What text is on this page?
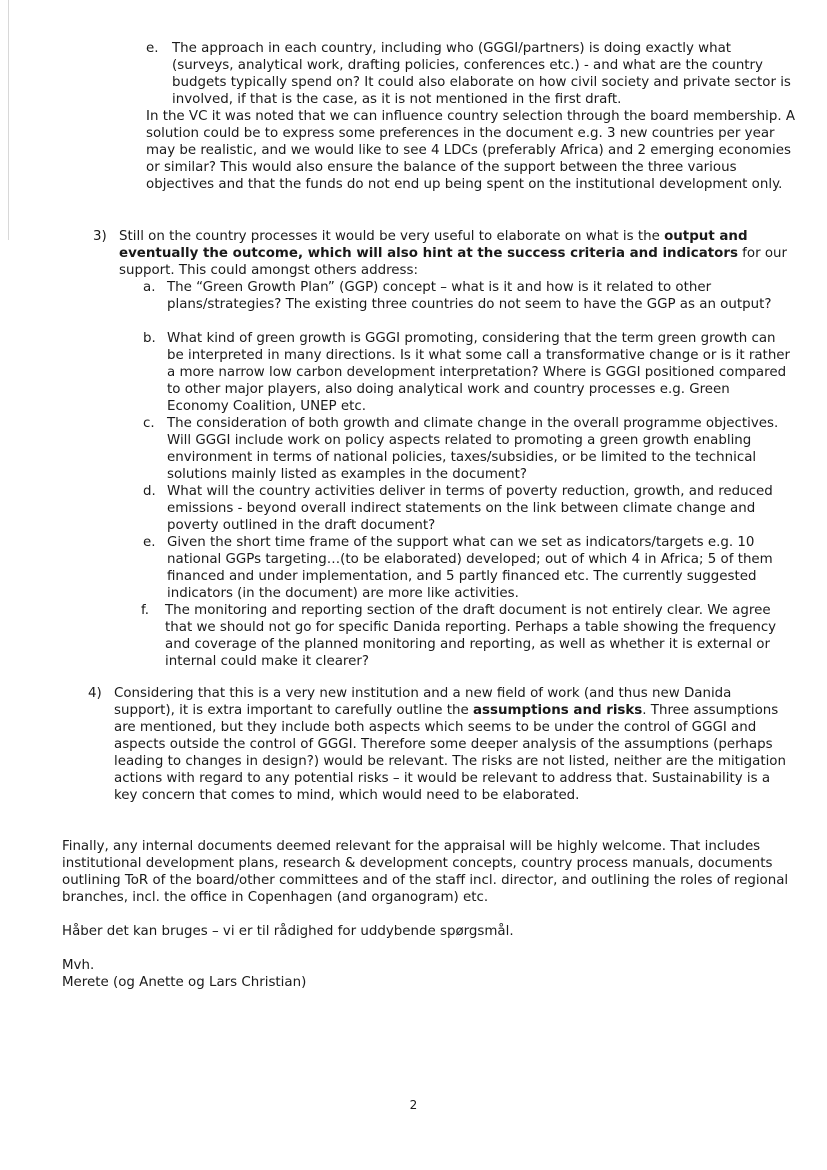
e. The approach in each country, including who (GGGI/partners) is doing exactly what (surveys, analytical work, drafting policies, conferences etc.) - and what are the country budgets typically spend on? It could also elaborate on how civil society and private sector is involved, if that is the case, as it is not mentioned in the first draft.

In the VC it was noted that we can influence country selection through the board membership. A solution could be to express some preferences in the document e.g. 3 new countries per year may be realistic, and we would like to see 4 LDCs (preferably Africa) and 2 emerging economies or similar? This would also ensure the balance of the support between the three various objectives and that the funds do not end up being spent on the institutional development only.

3) Still on the country processes it would be very useful to elaborate on what is the output and eventually the outcome, which will also hint at the success criteria and indicators for our support. This could amongst others address:

a. The “Green Growth Plan” (GGP) concept – what is it and how is it related to other plans/strategies? The existing three countries do not seem to have the GGP as an output?

b. What kind of green growth is GGGI promoting, considering that the term green growth can be interpreted in many directions. Is it what some call a transformative change or is it rather a more narrow low carbon development interpretation? Where is GGGI positioned compared to other major players, also doing analytical work and country processes e.g. Green Economy Coalition, UNEP etc.

c. The consideration of both growth and climate change in the overall programme objectives. Will GGGI include work on policy aspects related to promoting a green growth enabling environment in terms of national policies, taxes/subsidies, or be limited to the technical solutions mainly listed as examples in the document?

d. What will the country activities deliver in terms of poverty reduction, growth, and reduced emissions - beyond overall indirect statements on the link between climate change and poverty outlined in the draft document?

e. Given the short time frame of the support what can we set as indicators/targets e.g. 10 national GGPs targeting…(to be elaborated) developed; out of which 4 in Africa; 5 of them financed and under implementation, and 5 partly financed etc. The currently suggested indicators (in the document) are more like activities.

f. The monitoring and reporting section of the draft document is not entirely clear. We agree that we should not go for specific Danida reporting. Perhaps a table showing the frequency and coverage of the planned monitoring and reporting, as well as whether it is external or internal could make it clearer?

4) Considering that this is a very new institution and a new field of work (and thus new Danida support), it is extra important to carefully outline the assumptions and risks. Three assumptions are mentioned, but they include both aspects which seems to be under the control of GGGI and aspects outside the control of GGGI. Therefore some deeper analysis of the assumptions (perhaps leading to changes in design?) would be relevant. The risks are not listed, neither are the mitigation actions with regard to any potential risks – it would be relevant to address that. Sustainability is a key concern that comes to mind, which would need to be elaborated.

Finally, any internal documents deemed relevant for the appraisal will be highly welcome. That includes institutional development plans, research & development concepts, country process manuals, documents outlining ToR of the board/other committees and of the staff incl. director, and outlining the roles of regional branches, incl. the office in Copenhagen (and organogram) etc.

Håber det kan bruges – vi er til rådighed for uddybende spørgsmål.

Mvh.

Merete (og Anette og Lars Christian)

2
